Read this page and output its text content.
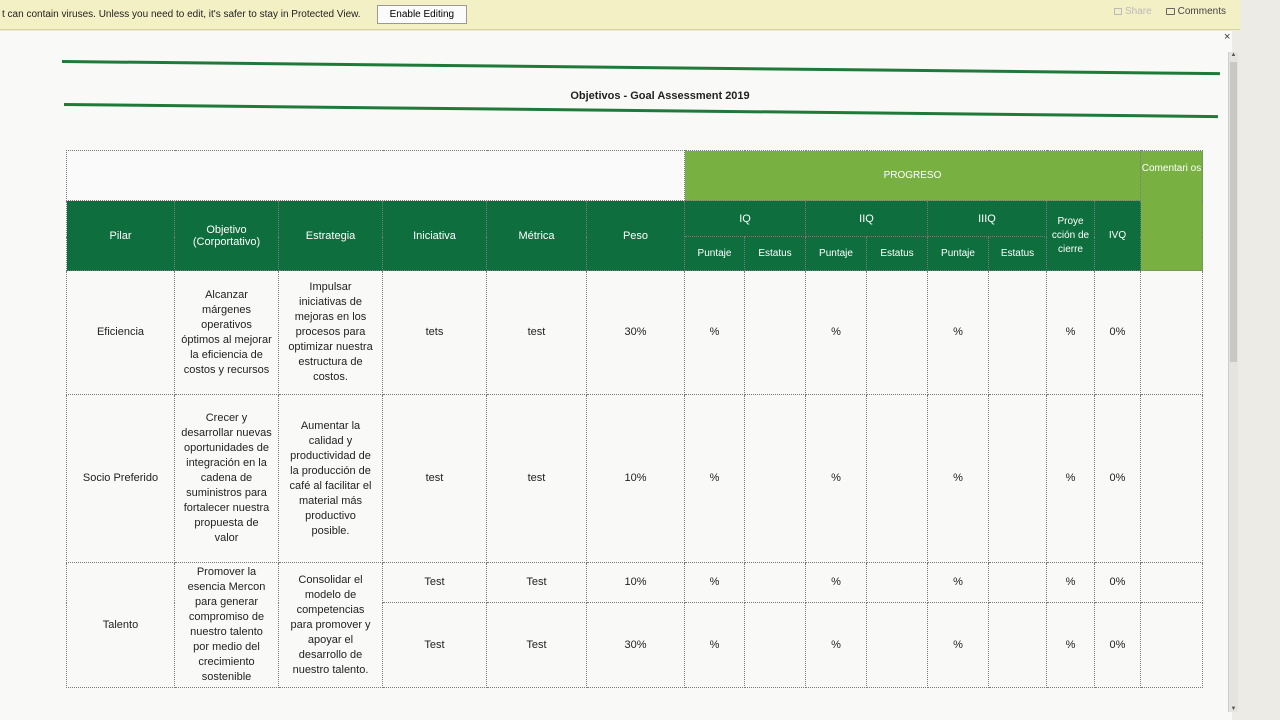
t can contain viruses. Unless you need to edit, it's safer to stay in Protected View.	Enable Editing	Share	Comments
×
▲
▼
Objetivos - Goal Assessment 2019
						PROGRESO								Comentari os
Pilar	Objetivo (Corportativo)	Estrategia	Iniciativa	Métrica	Peso	IQ		IIQ		IIIQ		Proye cción de cierre	IVQ	
						Puntaje	Estatus	Puntaje	Estatus	Puntaje	Estatus			
Eficiencia	Alcanzar márgenes operativos óptimos al mejorar la eficiencia de costos y recursos	Impulsar iniciativas de mejoras en los procesos para optimizar nuestra estructura de costos.	tets	test	30%	%		%		%		%	0%	
Socio Preferido	Crecer y desarrollar nuevas oportunidades de integración en la cadena de suministros para fortalecer nuestra propuesta de valor	Aumentar la calidad y productividad de la producción de café al facilitar el material más productivo posible.	test	test	10%	%		%		%		%	0%	
Talento	Promover la esencia Mercon para generar compromiso de nuestro talento por medio del crecimiento sostenible	Consolidar el modelo de competencias para promover y apoyar el desarrollo de nuestro talento.	Test	Test	10%	%		%		%		%	0%	
			Test	Test	30%	%		%		%		%	0%	
